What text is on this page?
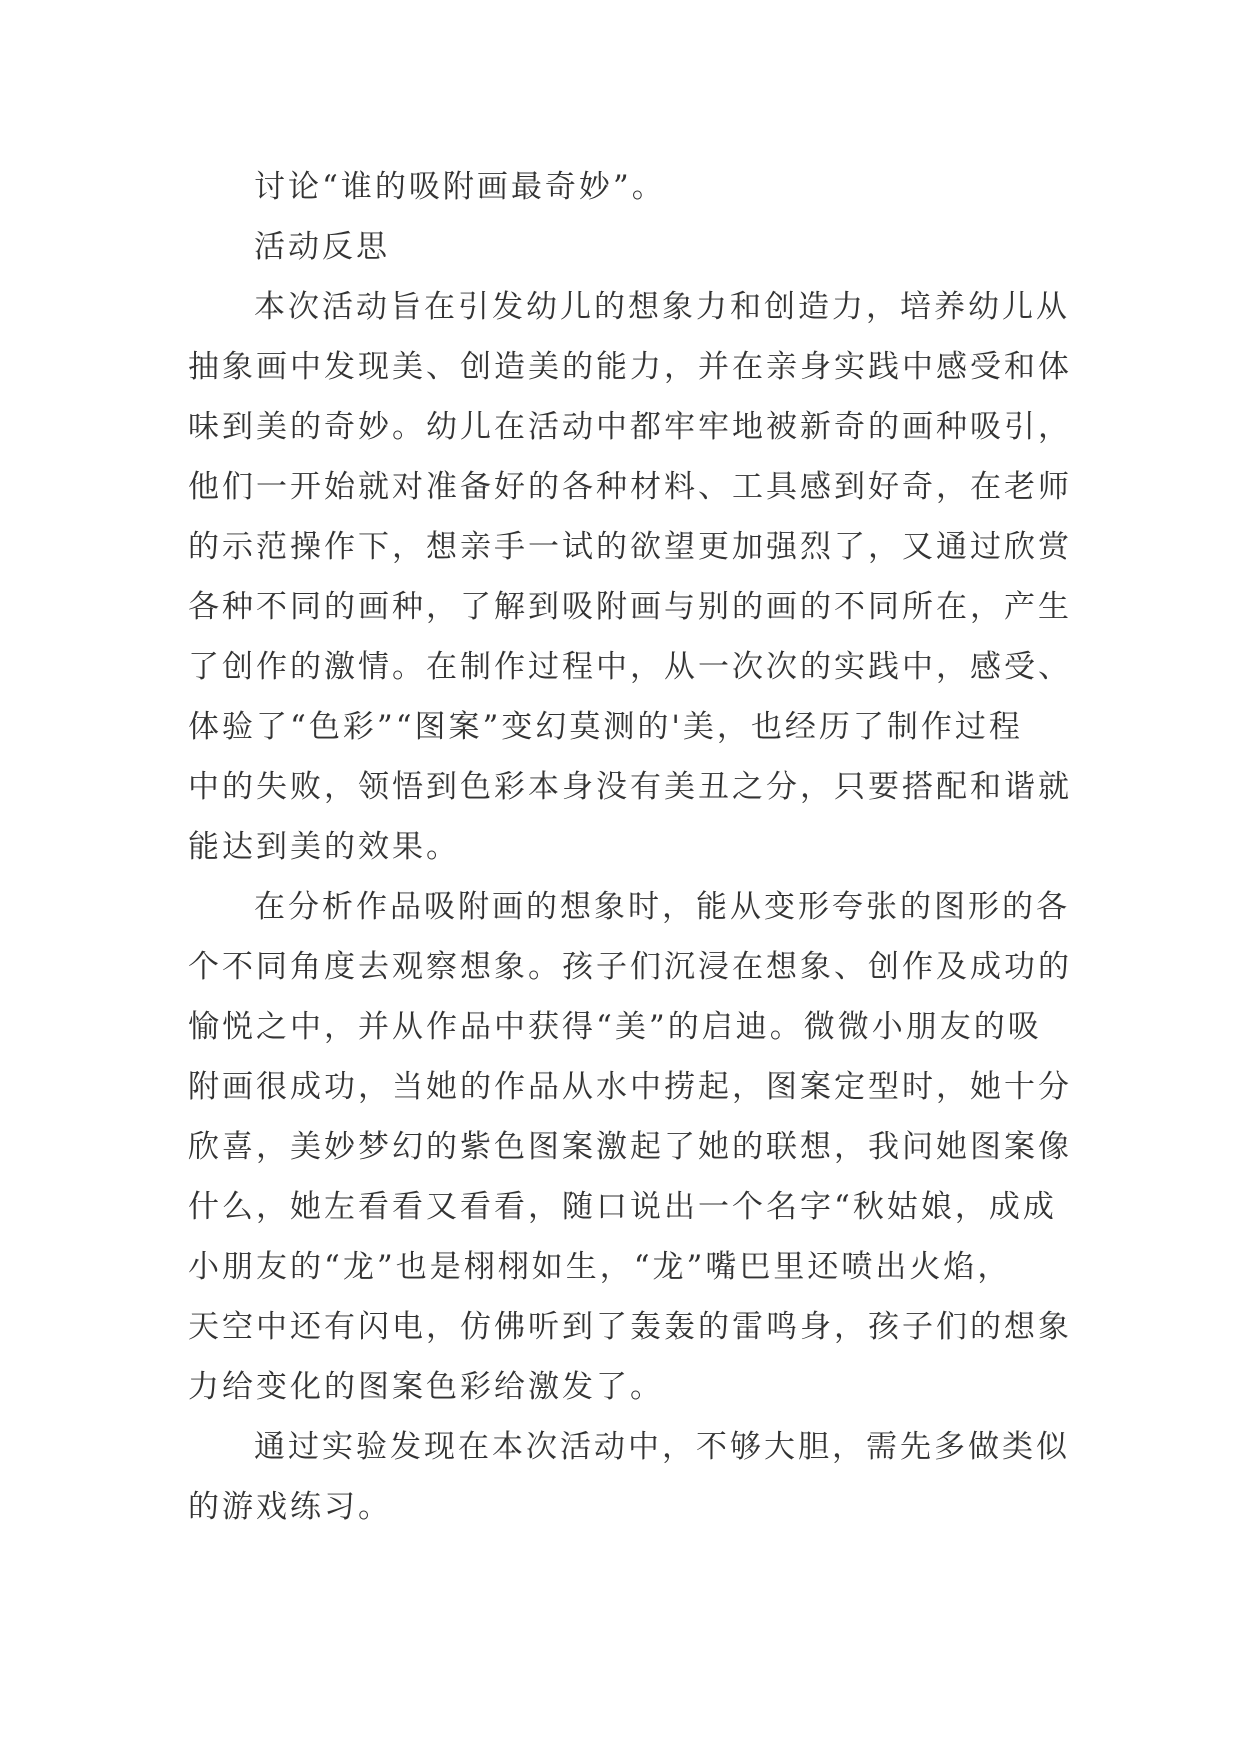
讨论“谁的吸附画最奇妙”。
活动反思
本次活动旨在引发幼儿的想象力和创造力，培养幼儿从
抽象画中发现美、创造美的能力，并在亲身实践中感受和体
味到美的奇妙。幼儿在活动中都牢牢地被新奇的画种吸引，
他们一开始就对准备好的各种材料、工具感到好奇，在老师
的示范操作下，想亲手一试的欲望更加强烈了，又通过欣赏
各种不同的画种，了解到吸附画与别的画的不同所在，产生
了创作的激情。在制作过程中，从一次次的实践中，感受、
体验了“色彩”“图案”变幻莫测的'美，也经历了制作过程
中的失败，领悟到色彩本身没有美丑之分，只要搭配和谐就
能达到美的效果。
在分析作品吸附画的想象时，能从变形夸张的图形的各
个不同角度去观察想象。孩子们沉浸在想象、创作及成功的
愉悦之中，并从作品中获得“美”的启迪。微微小朋友的吸
附画很成功，当她的作品从水中捞起，图案定型时，她十分
欣喜，美妙梦幻的紫色图案激起了她的联想，我问她图案像
什么，她左看看又看看，随口说出一个名字“秋姑娘，成成
小朋友的“龙”也是栩栩如生，“龙”嘴巴里还喷出火焰，
天空中还有闪电，仿佛听到了轰轰的雷鸣身，孩子们的想象
力给变化的图案色彩给激发了。
通过实验发现在本次活动中，不够大胆，需先多做类似
的游戏练习。
